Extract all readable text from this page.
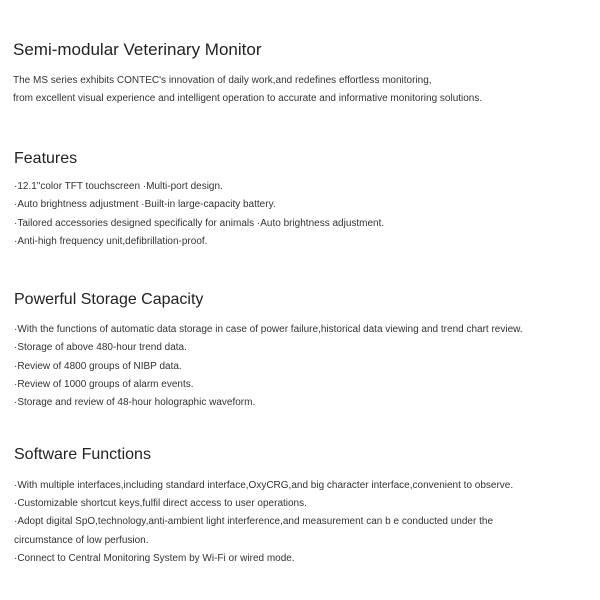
Semi-modular Veterinary Monitor
The MS series exhibits CONTEC's innovation of daily work,and redefines effortless monitoring,
from excellent visual experience and intelligent operation to accurate and informative monitoring solutions.
Features
·12.1"color TFT touchscreen ·Multi-port design.
·Auto brightness adjustment ·Built-in large-capacity battery.
·Tailored accessories designed specifically for animals ·Auto brightness adjustment.
·Anti-high frequency unit,defibrillation-proof.
Powerful Storage Capacity
·With the functions of automatic data storage in case of power failure,historical data viewing and trend chart review.
·Storage of above 480-hour trend data.
·Review of 4800 groups of NIBP data.
·Review of 1000 groups of alarm events.
·Storage and review of 48-hour holographic waveform.
Software Functions
·With multiple interfaces,including standard interface,OxyCRG,and big character interface,convenient to observe.
·Customizable shortcut keys,fulfil direct access to user operations.
·Adopt digital SpO,technology,anti-ambient light interference,and measurement can b e conducted under the
circumstance of low perfusion.
·Connect to Central Monitoring System by Wi-Fi or wired mode.
